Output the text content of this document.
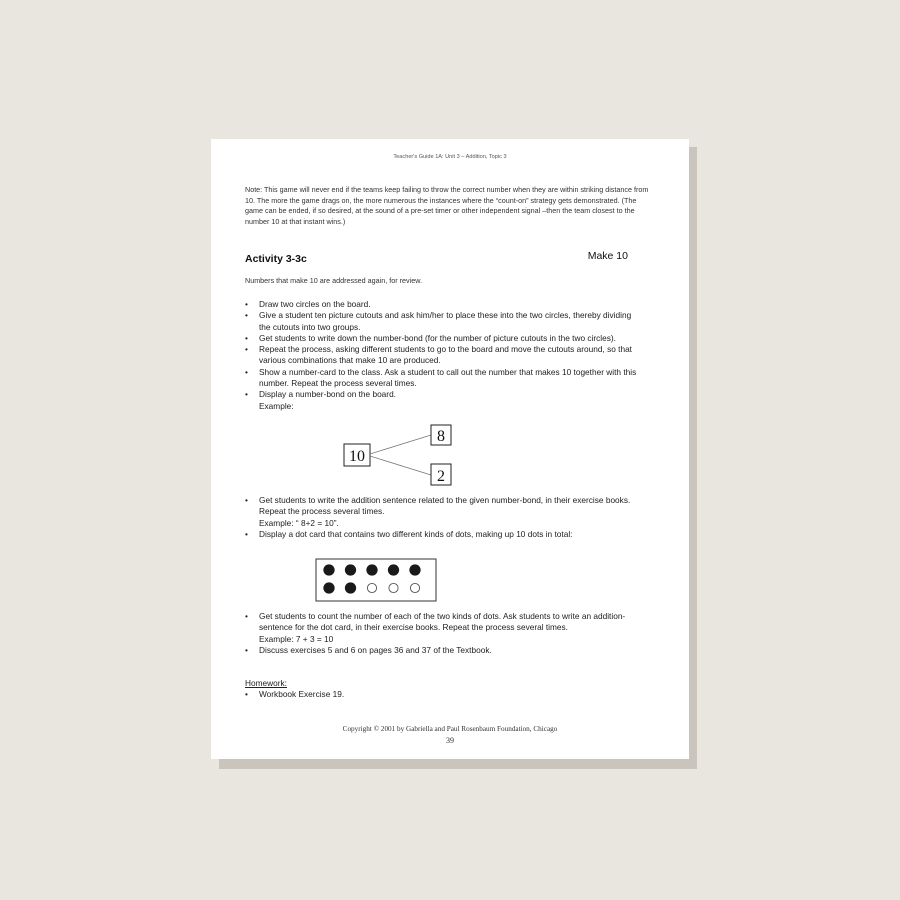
Teacher's Guide 1A: Unit 3 – Addition, Topic 3
Note: This game will never end if the teams keep failing to throw the correct number when they are within striking distance from 10. The more the game drags on, the more numerous the instances where the “count-on” strategy gets demonstrated. (The game can be ended, if so desired, at the sound of a pre-set timer or other independent signal –then the team closest to the number 10 at that instant wins.)
Activity 3-3c	Make 10
Numbers that make 10 are addressed again, for review.
• Draw two circles on the board.
• Give a student ten picture cutouts and ask him/her to place these into the two circles, thereby dividing the cutouts into two groups.
• Get students to write down the number-bond (for the number of picture cutouts in the two circles).
• Repeat the process, asking different students to go to the board and move the cutouts around, so that various combinations that make 10 are produced.
• Show a number-card to the class. Ask a student to call out the number that makes 10 together with this number. Repeat the process several times.
• Display a number-bond on the board.
Example:
10
8
2
• Get students to write the addition sentence related to the given number-bond, in their exercise books. Repeat the process several times.
Example: “ 8+2 = 10”.
• Display a dot card that contains two different kinds of dots, making up 10 dots in total:
• Get students to count the number of each of the two kinds of dots. Ask students to write an addition-sentence for the dot card, in their exercise books. Repeat the process several times.
Example: 7 + 3 = 10
• Discuss exercises 5 and 6 on pages 36 and 37 of the Textbook.
Homework:
• Workbook Exercise 19.
Copyright © 2001 by Gabriella and Paul Rosenbaum Foundation, Chicago
39
